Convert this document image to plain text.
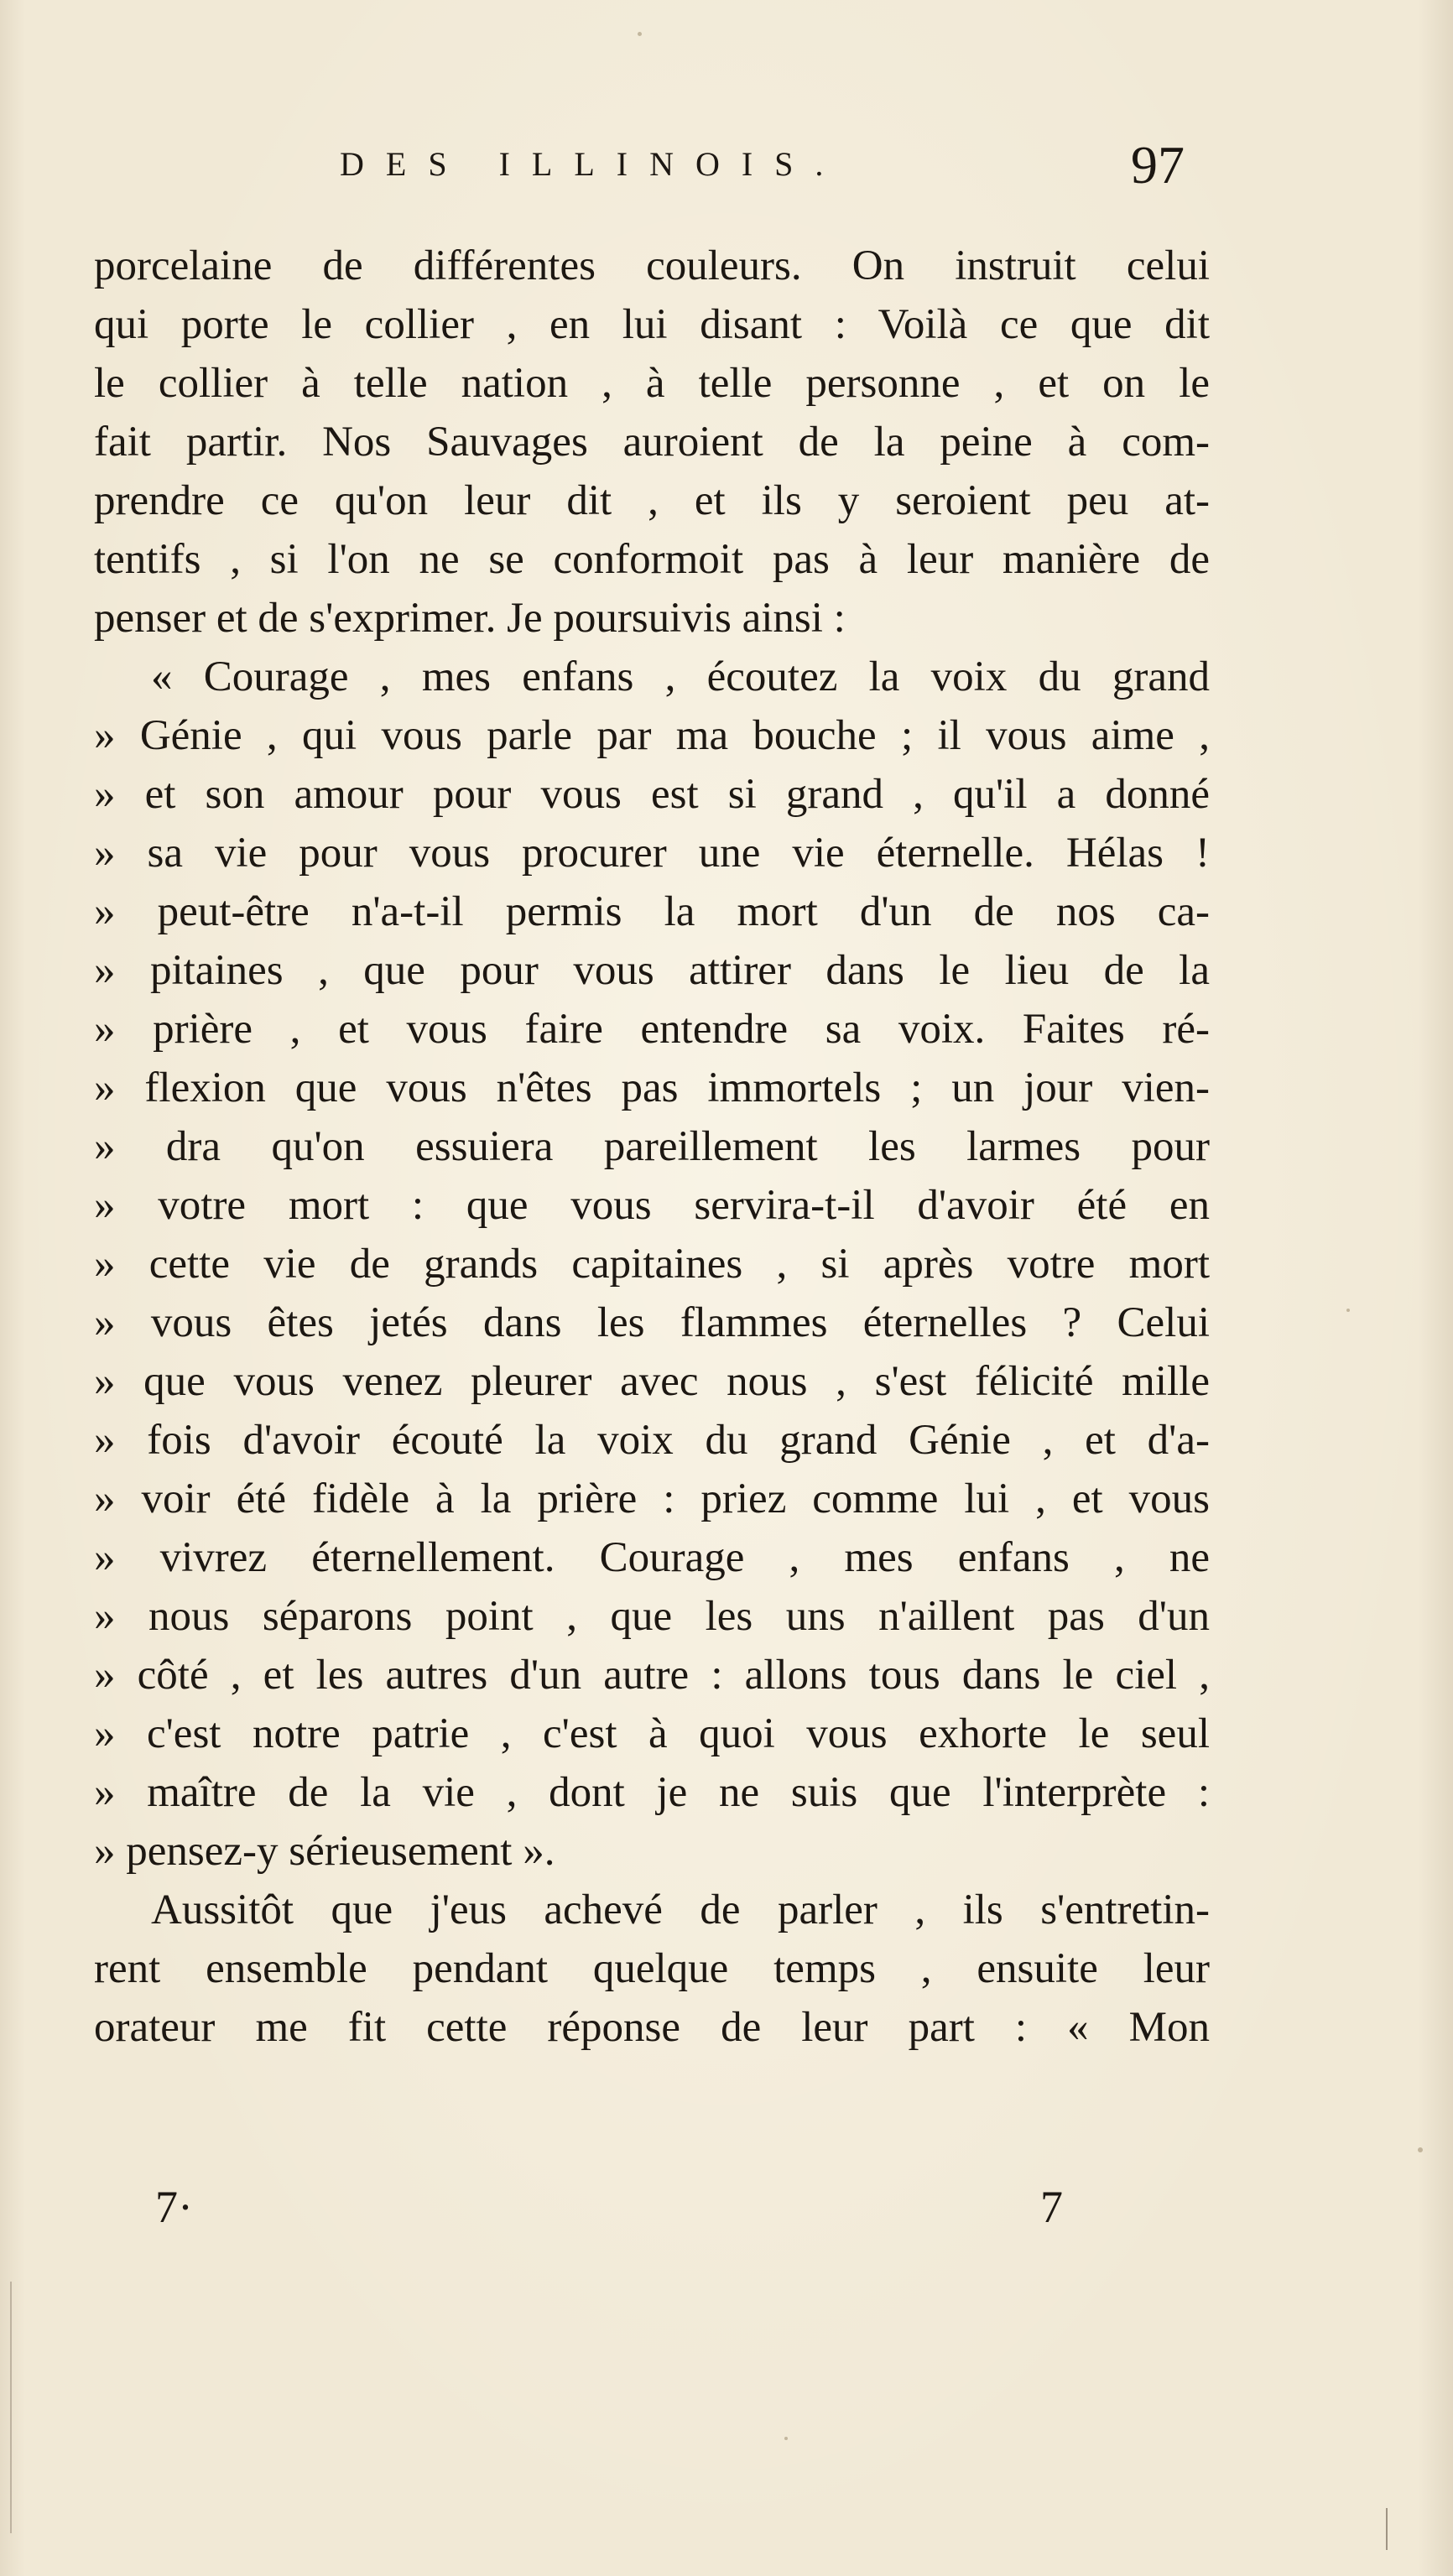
DES ILLINOIS.	97
porcelaine de différentes couleurs. On instruit celui
qui porte le collier , en lui disant : Voilà ce que dit
le collier à telle nation , à telle personne , et on le
fait partir. Nos Sauvages auroient de la peine à com-
prendre ce qu'on leur dit , et ils y seroient peu at-
tentifs , si l'on ne se conformoit pas à leur manière de
penser et de s'exprimer. Je poursuivis ainsi :
« Courage , mes enfans , écoutez la voix du grand
» Génie , qui vous parle par ma bouche ; il vous aime ,
» et son amour pour vous est si grand , qu'il a donné
» sa vie pour vous procurer une vie éternelle. Hélas !
» peut-être n'a-t-il permis la mort d'un de nos ca-
» pitaines , que pour vous attirer dans le lieu de la
» prière , et vous faire entendre sa voix. Faites ré-
» flexion que vous n'êtes pas immortels ; un jour vien-
» dra qu'on essuiera pareillement les larmes pour
» votre mort : que vous servira-t-il d'avoir été en
» cette vie de grands capitaines , si après votre mort
» vous êtes jetés dans les flammes éternelles ? Celui
» que vous venez pleurer avec nous , s'est félicité mille
» fois d'avoir écouté la voix du grand Génie , et d'a-
» voir été fidèle à la prière : priez comme lui , et vous
» vivrez éternellement. Courage , mes enfans , ne
» nous séparons point , que les uns n'aillent pas d'un
» côté , et les autres d'un autre : allons tous dans le ciel ,
» c'est notre patrie , c'est à quoi vous exhorte le seul
» maître de la vie , dont je ne suis que l'interprète :
» pensez-y sérieusement ».
Aussitôt que j'eus achevé de parler , ils s'entretin-
rent ensemble pendant quelque temps , ensuite leur
orateur me fit cette réponse de leur part : « Mon
7·	7
